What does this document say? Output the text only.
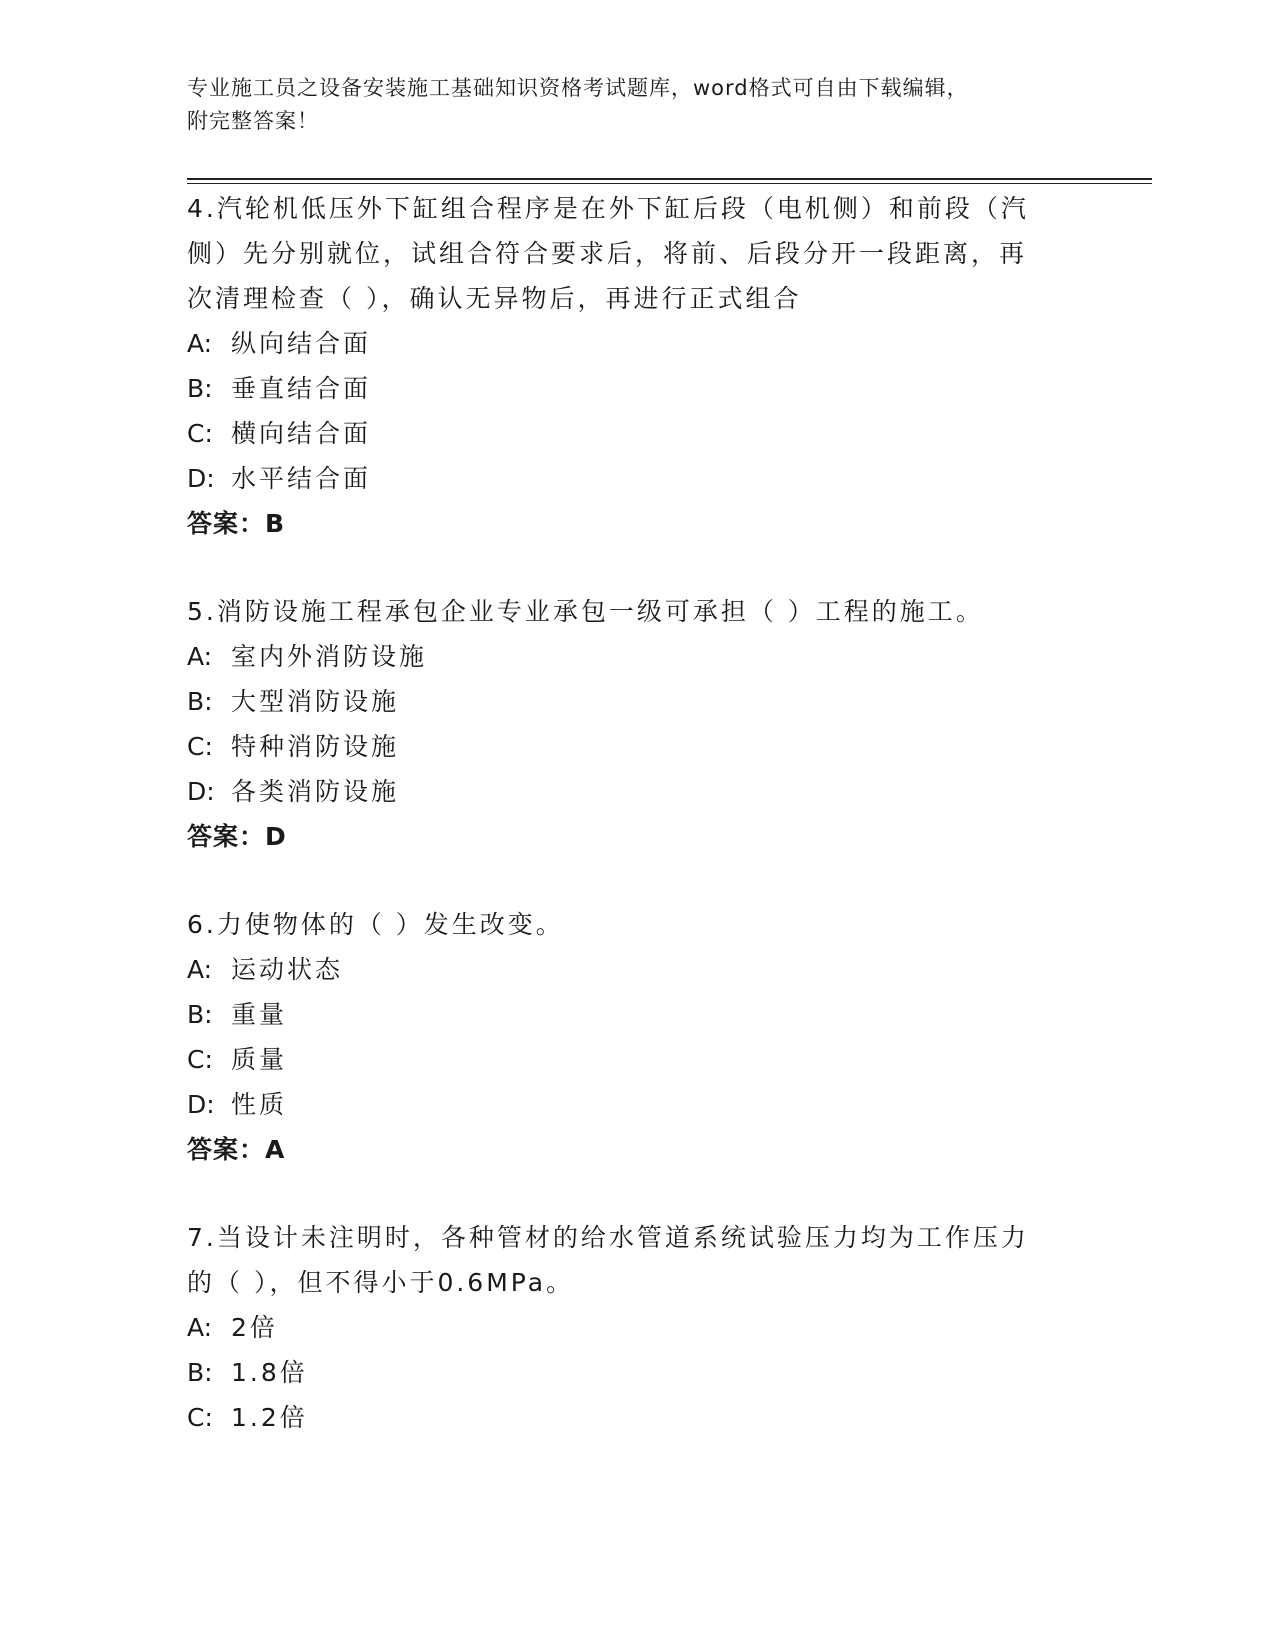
专业施工员之设备安装施工基础知识资格考试题库，word格式可自由下载编辑，
附完整答案！

4.汽轮机低压外下缸组合程序是在外下缸后段（电机侧）和前段（汽

侧）先分别就位，试组合符合要求后，将前、后段分开一段距离，再

次清理检查（ ），确认无异物后，再进行正式组合

A: 纵向结合面

B: 垂直结合面

C: 横向结合面

D: 水平结合面

答案：B

5.消防设施工程承包企业专业承包一级可承担（ ）工程的施工。

A: 室内外消防设施

B: 大型消防设施

C: 特种消防设施

D: 各类消防设施

答案：D

6.力使物体的（ ）发生改变。

A: 运动状态

B: 重量

C: 质量

D: 性质

答案：A

7.当设计未注明时，各种管材的给水管道系统试验压力均为工作压力

的（ ），但不得小于0.6MPa。

A: 2倍

B: 1.8倍

C: 1.2倍
